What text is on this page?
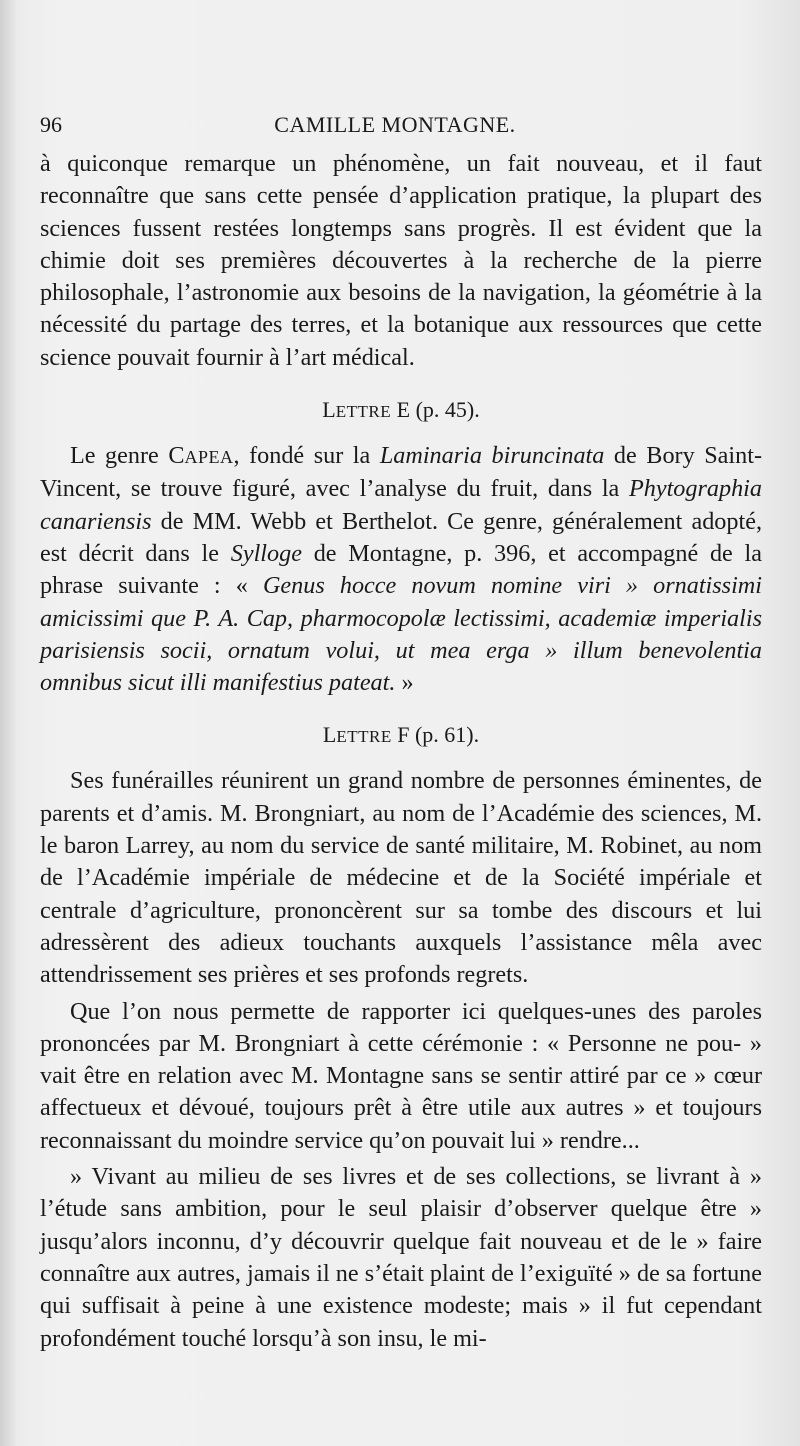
96	CAMILLE MONTAGNE.

à quiconque remarque un phénomène, un fait nouveau, et il faut reconnaître que sans cette pensée d’application pratique, la plupart des sciences fussent restées longtemps sans progrès. Il est évident que la chimie doit ses premières découvertes à la recherche de la pierre philosophale, l’astronomie aux besoins de la navigation, la géométrie à la nécessité du partage des terres, et la botanique aux ressources que cette science pouvait fournir à l’art médical.

LETTRE E (p. 45).

Le genre CAPEA, fondé sur la Laminaria biruncinata de Bory Saint-Vincent, se trouve figuré, avec l’analyse du fruit, dans la Phytographia canariensis de MM. Webb et Berthelot. Ce genre, généralement adopté, est décrit dans le Sylloge de Montagne, p. 396, et accompagné de la phrase suivante : « Genus hocce novum nomine viri » ornatissimi amicissimi que P. A. Cap, pharmocopolæ lectissimi, academiæ imperialis parisiensis socii, ornatum volui, ut mea erga » illum benevolentia omnibus sicut illi manifestius pateat. »

LETTRE F (p. 61).

Ses funérailles réunirent un grand nombre de personnes éminentes, de parents et d’amis. M. Brongniart, au nom de l’Académie des sciences, M. le baron Larrey, au nom du service de santé militaire, M. Robinet, au nom de l’Académie impériale de médecine et de la Société impériale et centrale d’agriculture, prononcèrent sur sa tombe des discours et lui adressèrent des adieux touchants auxquels l’assistance mêla avec attendrissement ses prières et ses profonds regrets.

Que l’on nous permette de rapporter ici quelques-unes des paroles prononcées par M. Brongniart à cette cérémonie : « Personne ne pou- » vait être en relation avec M. Montagne sans se sentir attiré par ce » cœur affectueux et dévoué, toujours prêt à être utile aux autres » et toujours reconnaissant du moindre service qu’on pouvait lui » rendre...

» Vivant au milieu de ses livres et de ses collections, se livrant à » l’étude sans ambition, pour le seul plaisir d’observer quelque être » jusqu’alors inconnu, d’y découvrir quelque fait nouveau et de le » faire connaître aux autres, jamais il ne s’était plaint de l’exiguïté » de sa fortune qui suffisait à peine à une existence modeste; mais » il fut cependant profondément touché lorsqu’à son insu, le mi-
